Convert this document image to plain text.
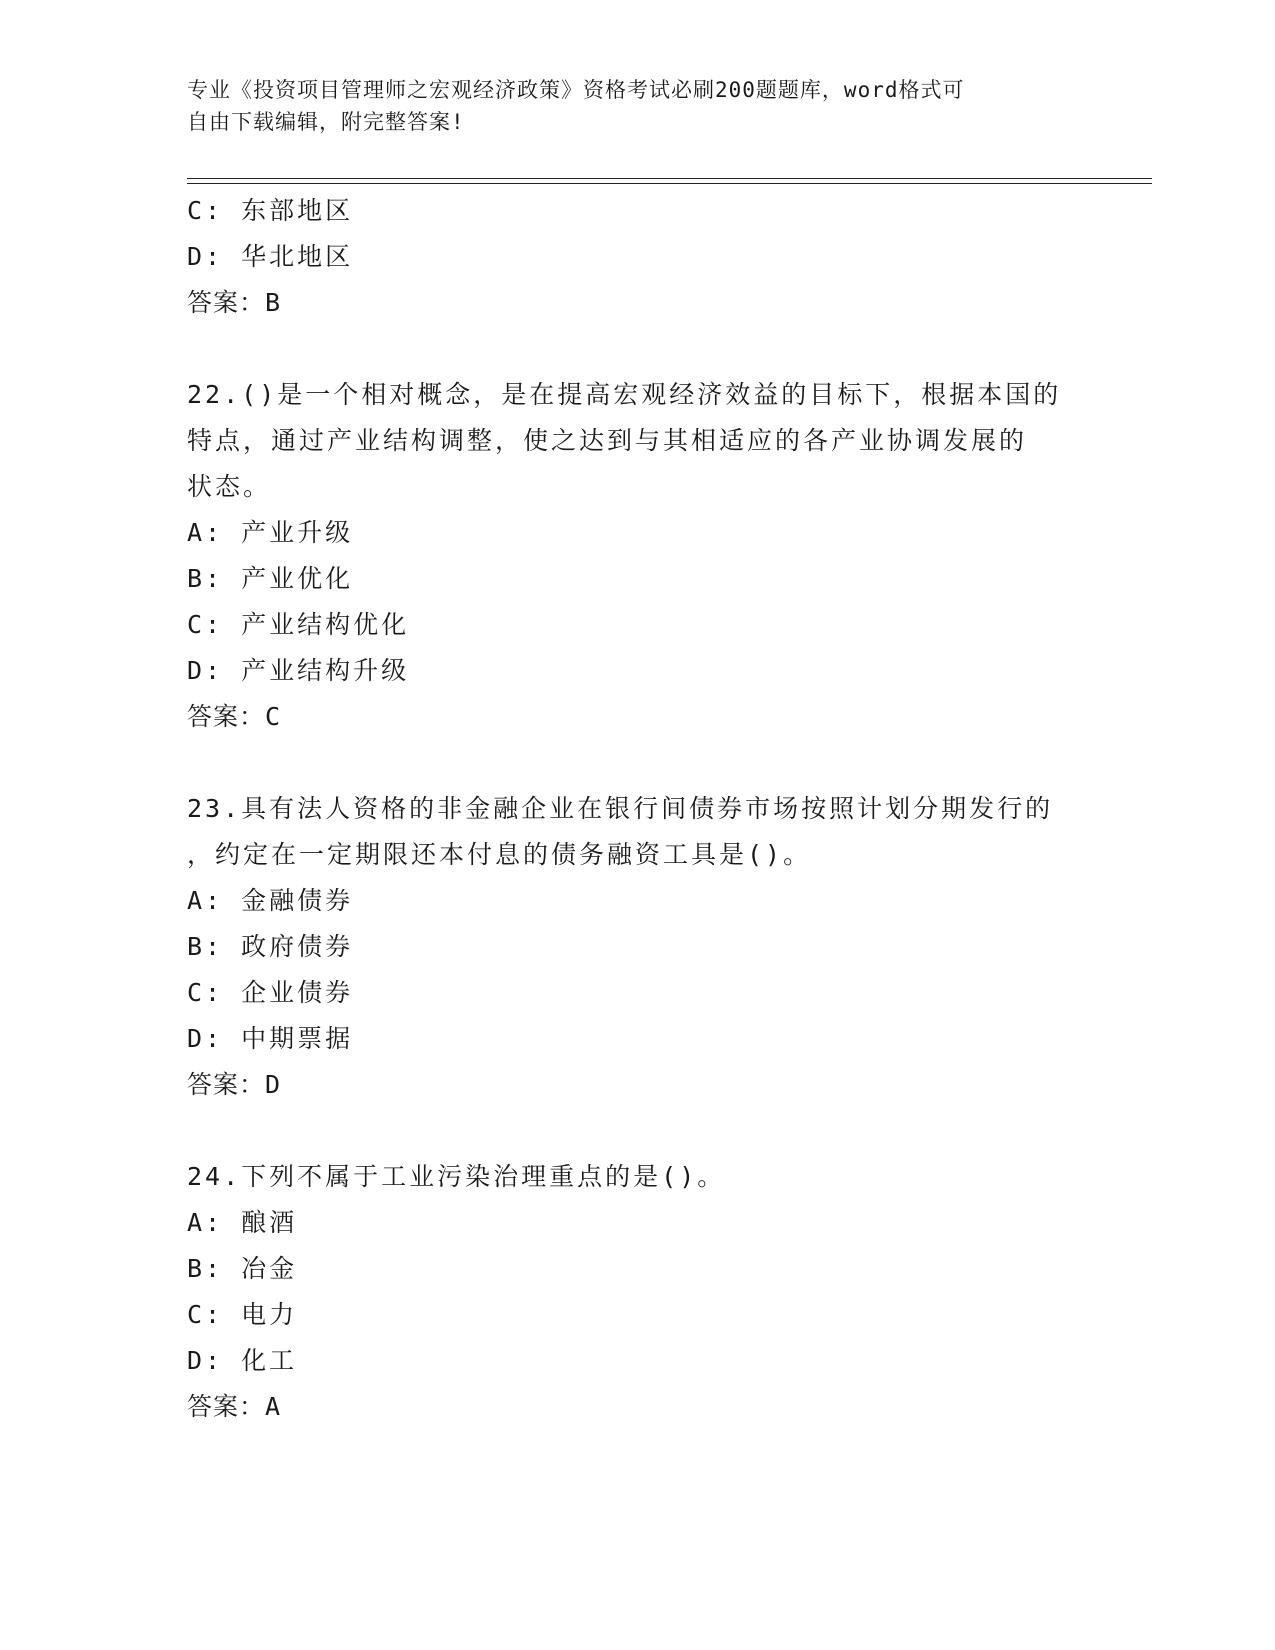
专业《投资项目管理师之宏观经济政策》资格考试必刷200题题库，word格式可
自由下载编辑，附完整答案!
C: 东部地区
D: 华北地区
答案：B
22.()是一个相对概念，是在提高宏观经济效益的目标下，根据本国的
特点，通过产业结构调整，使之达到与其相适应的各产业协调发展的
状态。
A: 产业升级
B: 产业优化
C: 产业结构优化
D: 产业结构升级
答案：C
23.具有法人资格的非金融企业在银行间债券市场按照计划分期发行的
，约定在一定期限还本付息的债务融资工具是()。
A: 金融债券
B: 政府债券
C: 企业债券
D: 中期票据
答案：D
24.下列不属于工业污染治理重点的是()。
A: 酿酒
B: 冶金
C: 电力
D: 化工
答案：A
